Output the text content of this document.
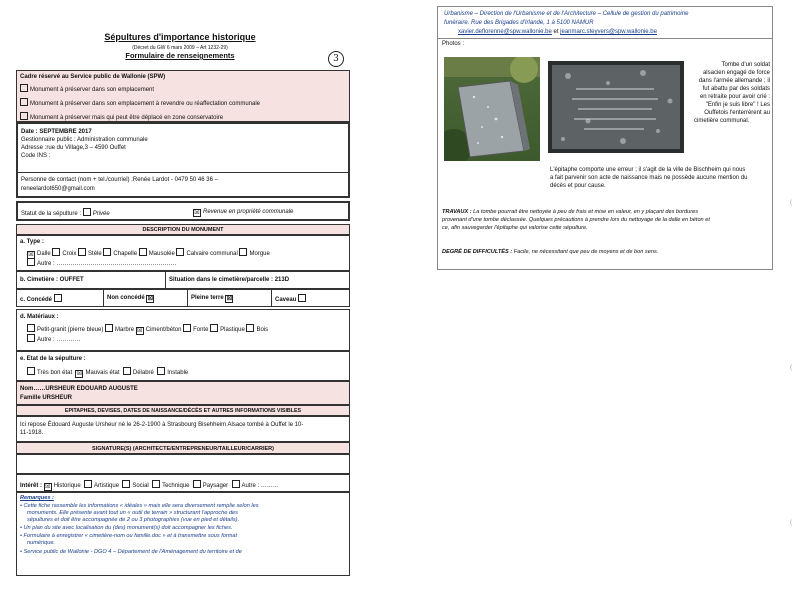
Sépultures d'importance historique
(Décret du GW 6 mars 2009 – Art 1232-29)
Formulaire de renseignements	3
Cadre réservé au Service public de Wallonie (SPW)
Monument à préserver dans son emplacement
Monument à préserver dans son emplacement à revendre ou réaffectation communale
Monument à préserver mais qui peut être déplacé en zone conservatoire
Date : SEPTEMBRE 2017
Gestionnaire public : Administration communale
Adresse :rue du Village,3 – 4590 Ouffet
Code INS :
Personne de contact (nom + tel./courriel) :Renée Lardot - 0479 50 46 36 –
reneelardot650@gmail.com
Statut de la sépulture : Privée	☒ Revenue en propriété communale
DESCRIPTION DU MONUMENT
a. Type :
☒ Dalle Croix Stèle Chapelle Mausolée Calvaire communal Morgue
Autre : ……………………………………………………
b. Cimetière : OUFFET	Situation dans le cimetière/parcelle : 213D
c. Concédé	Non concédé ☒	Pleine terre ☒	Caveau
d. Matériaux :
Petit-granit (pierre bleue) Marbre ☒ Ciment/béton Fonte Plastique Bois
Autre : …………
e. Etat de la sépulture :
Très bon état ☒ Mauvais état Délabré Instable
Nom……URSHEUR EDOUARD AUGUSTE
Famille URSHEUR
EPITAPHES, DEVISES, DATES DE NAISSANCE/DÉCÈS ET AUTRES INFORMATIONS VISIBLES
Ici repose Édouard Auguste Ursheur né le 26-2-1900 à Strasbourg Bisehheim Alsace tombé à Ouffet le 10-
11-1918.
SIGNATURE(S) (ARCHITECTE/ENTREPRENEUR/TAILLEUR/CARRIER)
Intérêt : ☒ Historique Artistique Social Technique Paysager Autre : ………
Remarques :
• Cette fiche rassemble les informations « idéales » mais elle sera diversement remplie selon les
monuments. Elle présente avant tout un « outil de terrain » structurant l'approche des
sépultures et doit être accompagnée de 2 ou 3 photographies (vue en pied et détails).
• Un plan du site avec localisation du (des) monument(s) doit accompagner les fiches.
• Formulaire à enregistrer « cimetière-nom ou famille.doc » et à transmettre sous format
numérique.
• Service public de Wallonie - DGO 4 – Département de l'Aménagement du territoire et de
Urbanisme – Direction de l'Urbanisme et de l'Architecture – Cellule de gestion du patrimoine
funéraire. Rue des Brigades d'Irlande, 1 à 5100 NAMUR
xavier.deflorenne@spw.wallonie.be et jeanmarc.steyvers@spw.wallonie.be
Photos :
Tombe d'un soldat
alsacien engagé de force
dans l'armée allemande ; il
fut abattu par des soldats
en retraite pour avoir crié :
"Enfin je suis libre" ! Les
Ouffetois l'enterrèrent au
cimetière communal.
L'épitaphe comporte une erreur ; il s'agit de la ville de Bischheim qui nous
a fait parvenir son acte de naissance mais ne possède aucune mention du
décès et pour cause.
TRAVAUX : La tombe pourrait être nettoyée à peu de frais et mise en valeur, en y plaçant des bordures
provenant d'une tombe déclassée. Quelques précautions à prendre lors du nettoyage de la dalle en béton et
ce, afin sauvegarder l'épitaphe qui valorise cette sépulture.
DEGRÉ DE DIFFICULTÉS : Facile, ne nécessitant que peu de moyens et de bon sens.
(
(
(
